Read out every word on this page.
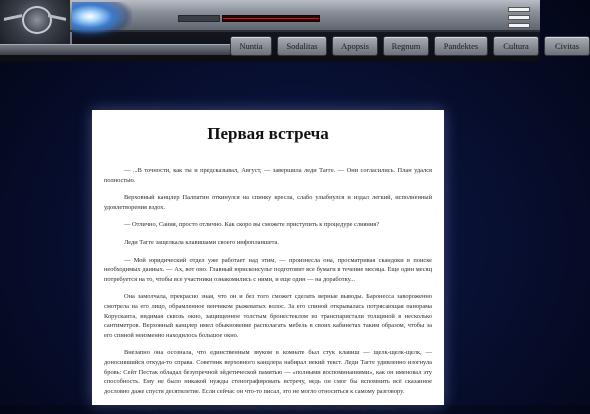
Nuntia	Sodalitas	Apopsis	Regnum	Pandektes	Cultura	Civitas
Первая встреча

— ...В точности, как ты и предсказывал, Август, — завершила леди Тагге. — Они согласились. План удался полностью.

Верховный канцлер Палпатин откинулся на спинку кресла, слабо улыбнулся и издал легкий, исполненный удовлетворения вздох.

— Отлично, Сания, просто отлично. Как скоро вы сможете приступить к процедуре слияния?

Леди Тагге защелкала клавишами своего инфопланшета.

— Мой юридический отдел уже работает над этим, — произнесла она, просматривая скандоки в поиске необходимых данных. — Ах, вот оно. Главный юрисконсульт подготовит все бумаги в течение месяца. Еще один месяц потребуется на то, чтобы все участники ознакомились с ними, и еще один — на доработку...

Она замолчала, прекрасно зная, что он и без того сможет сделать верные выводы. Баронесса завороженно смотрела на его лицо, обрамленное венчиком рыжеватых волос. За его спиной открывалась потрясающая панорама Корусканта, видимая сквозь окно, защищенное толстым бронестеклом из транспаристали толщиной в несколько сантиметров. Верховный канцлер имел обыкновение располагать мебель в своих кабинетах таким образом, чтобы за его спиной неизменно находилось большое окно.

Внезапно она осознала, что единственным звуком в комнате был стук клавиш — щелк-щелк-щелк, — доносившийся откуда-то справа. Советник верховного канцлера набирал некий текст. Леди Тагге удивленно изогнула бровь: Сейт Пестак обладал безупречной эйдетической памятью — «полными воспоминаниями», как он именовал эту способность. Ему не было никакой нужды стенографировать встречу, ведь он смог бы вспомнить всё сказанное дословно даже спустя десятилетие. Если сейчас он что-то писал, это не могло относиться к самому разговору.

— Господин Пестак отслеживал всех вовлеченных в это дело юристов и их помощников, — лениво
